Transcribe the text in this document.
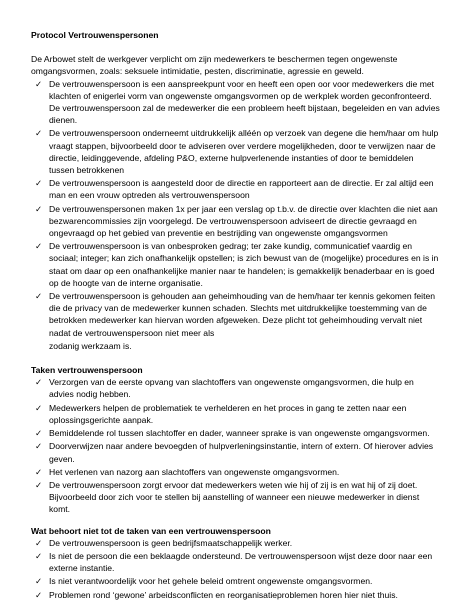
Protocol Vertrouwenspersonen

De Arbowet stelt de werkgever verplicht om zijn medewerkers te beschermen tegen ongewenste omgangsvormen, zoals: seksuele intimidatie, pesten, discriminatie, agressie en geweld.

✓ De vertrouwenspersoon is een aanspreekpunt voor en heeft een open oor voor medewerkers die met klachten of enigerlei vorm van ongewenste omgangsvormen op de werkplek worden geconfronteerd. De vertrouwenspersoon zal de medewerker die een probleem heeft bijstaan, begeleiden en van advies dienen.
✓ De vertrouwenspersoon onderneemt uitdrukkelijk alléén op verzoek van degene die hem/haar om hulp vraagt stappen, bijvoorbeeld door te adviseren over verdere mogelijkheden, door te verwijzen naar de directie, leidinggevende, afdeling P&O, externe hulpverlenende instanties of door te bemiddelen tussen betrokkenen
✓ De vertrouwenspersoon is aangesteld door de directie en rapporteert aan de directie. Er zal altijd een man en een vrouw optreden als vertrouwenspersoon
✓ De vertrouwenspersonen maken 1x per jaar een verslag op t.b.v. de directie over klachten die niet aan bezwarencommissies zijn voorgelegd. De vertrouwenspersoon adviseert de directie gevraagd en ongevraagd op het gebied van preventie en bestrijding van ongewenste omgangsvormen
✓ De vertrouwenspersoon is van onbesproken gedrag; ter zake kundig, communicatief vaardig en sociaal; integer; kan zich onafhankelijk opstellen; is zich bewust van de (mogelijke) procedures en is in staat om daar op een onafhankelijke manier naar te handelen; is gemakkelijk benaderbaar en is goed op de hoogte van de interne organisatie.
✓ De vertrouwenspersoon is gehouden aan geheimhouding van de hem/haar ter kennis gekomen feiten die de privacy van de medewerker kunnen schaden. Slechts met uitdrukkelijke toestemming van de betrokken medewerker kan hiervan worden afgeweken. Deze plicht tot geheimhouding vervalt niet nadat de vertrouwenspersoon niet meer als
zodanig werkzaam is.

Taken vertrouwenspersoon

✓ Verzorgen van de eerste opvang van slachtoffers van ongewenste omgangsvormen, die hulp en advies nodig hebben.
✓ Medewerkers helpen de problematiek te verhelderen en het proces in gang te zetten naar een oplossingsgerichte aanpak.
✓ Bemiddelende rol tussen slachtoffer en dader, wanneer sprake is van ongewenste omgangsvormen.
✓ Doorverwijzen naar andere bevoegden of hulpverleningsinstantie, intern of extern. Of hierover advies geven.
✓ Het verlenen van nazorg aan slachtoffers van ongewenste omgangsvormen.
✓ De vertrouwenspersoon zorgt ervoor dat medewerkers weten wie hij of zij is en wat hij of zij doet. Bijvoorbeeld door zich voor te stellen bij aanstelling of wanneer een nieuwe medewerker in dienst komt.

Wat behoort niet tot de taken van een vertrouwenspersoon

✓ De vertrouwenspersoon is geen bedrijfsmaatschappelijk werker.
✓ Is niet de persoon die een beklaagde ondersteund. De vertrouwenspersoon wijst deze door naar een externe instantie.
✓ Is niet verantwoordelijk voor het gehele beleid omtrent ongewenste omgangsvormen.
✓ Problemen rond ‘gewone’ arbeidsconflicten en reorganisatieproblemen horen hier niet thuis.
